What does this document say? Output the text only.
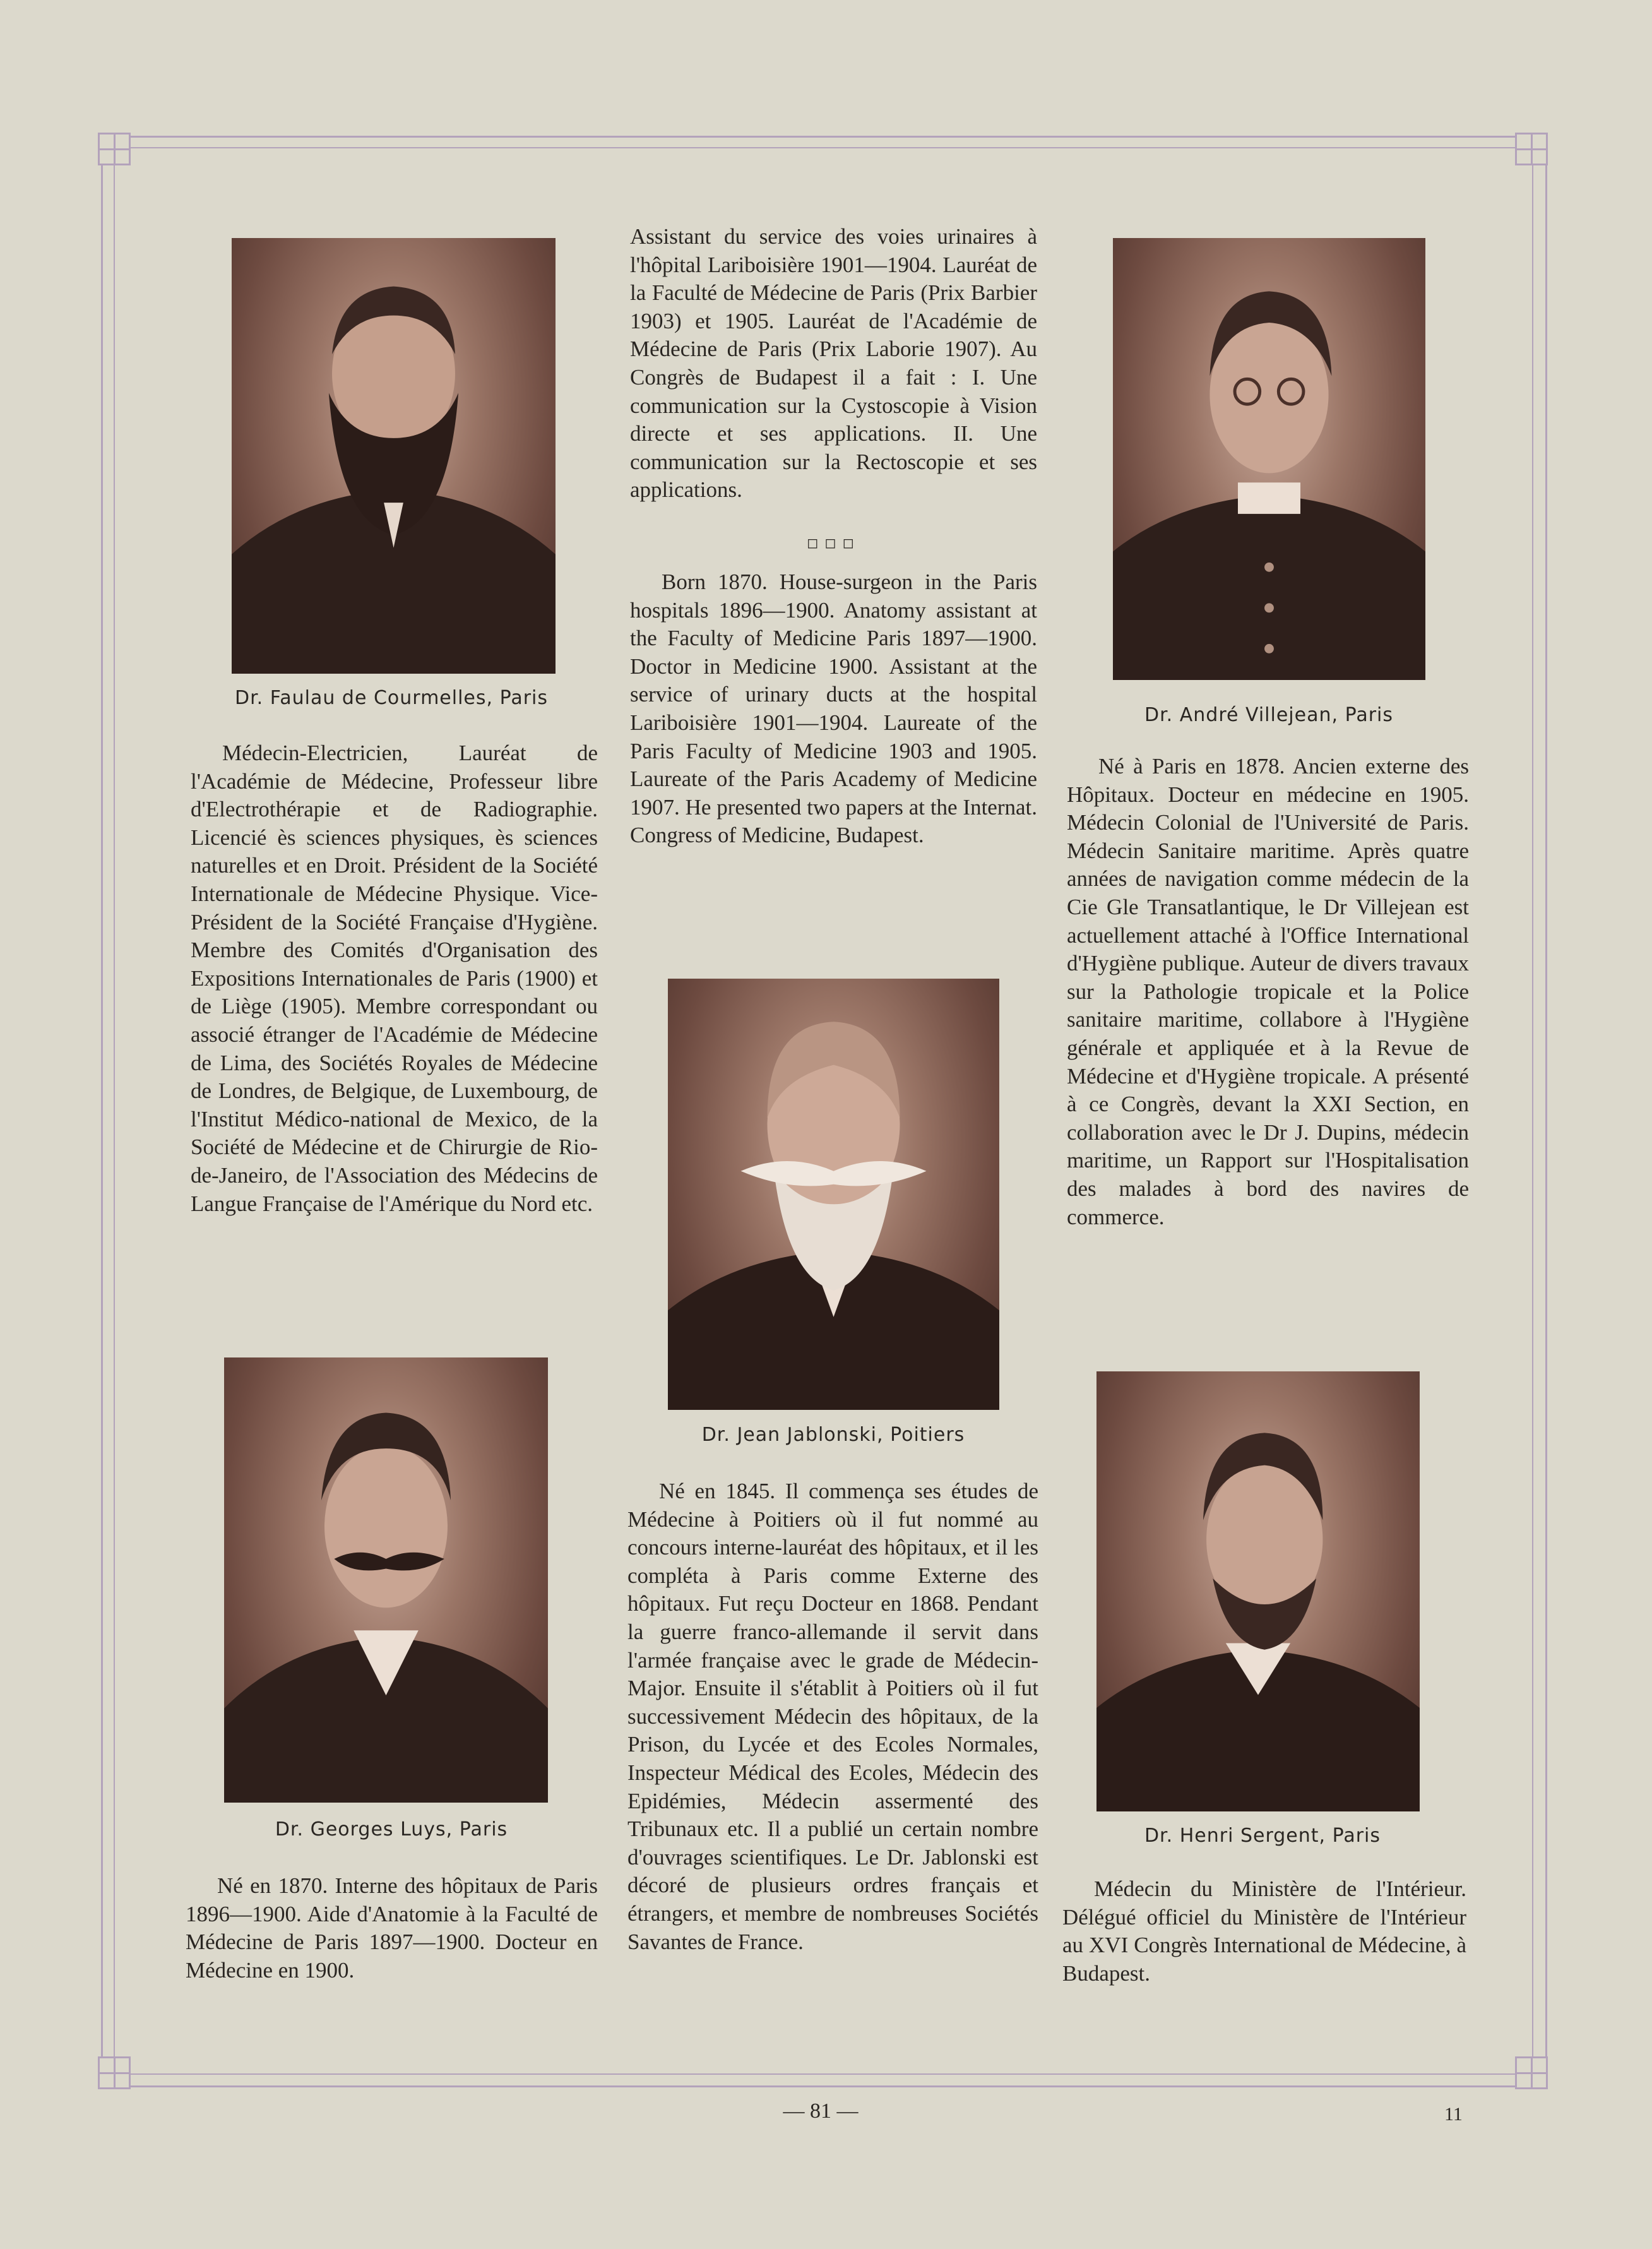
Dr. Faulau de Courmelles, Paris
Médecin-Electricien, Lauréat de l'Académie de Médecine, Professeur libre d'Electrothérapie et de Radiographie. Licencié ès sciences physiques, ès sciences naturelles et en Droit. Président de la Société Internationale de Médecine Physique. Vice-Président de la Société Française d'Hygiène. Membre des Comités d'Organisation des Expositions Internationales de Paris (1900) et de Liège (1905). Membre correspondant ou associé étranger de l'Académie de Médecine de Lima, des Sociétés Royales de Médecine de Londres, de Belgique, de Luxembourg, de l'Institut Médico-national de Mexico, de la Société de Médecine et de Chirurgie de Rio-de-Janeiro, de l'Association des Médecins de Langue Française de l'Amérique du Nord etc.
Dr. Georges Luys, Paris
Né en 1870. Interne des hôpitaux de Paris 1896—1900. Aide d'Anatomie à la Faculté de Médecine de Paris 1897—1900. Docteur en Médecine en 1900.
Assistant du service des voies urinaires à l'hôpital Lariboisière 1901—1904. Lauréat de la Faculté de Médecine de Paris (Prix Barbier 1903) et 1905. Lauréat de l'Académie de Médecine de Paris (Prix Laborie 1907). Au Congrès de Budapest il a fait : I. Une communication sur la Cystoscopie à Vision directe et ses applications. II. Une communication sur la Rectoscopie et ses applications.
◻◻◻
Born 1870. House-surgeon in the Paris hospitals 1896—1900. Anatomy assistant at the Faculty of Medicine Paris 1897—1900. Doctor in Medicine 1900. Assistant at the service of urinary ducts at the hospital Lariboisière 1901—1904. Laureate of the Paris Faculty of Medicine 1903 and 1905. Laureate of the Paris Academy of Medicine 1907. He presented two papers at the Internat. Congress of Medicine, Budapest.
Dr. Jean Jablonski, Poitiers
Né en 1845. Il commença ses études de Médecine à Poitiers où il fut nommé au concours interne-lauréat des hôpitaux, et il les compléta à Paris comme Externe des hôpitaux. Fut reçu Docteur en 1868. Pendant la guerre franco-allemande il servit dans l'armée française avec le grade de Médecin-Major. Ensuite il s'établit à Poitiers où il fut successivement Médecin des hôpitaux, de la Prison, du Lycée et des Ecoles Normales, Inspecteur Médical des Ecoles, Médecin des Epidémies, Médecin assermenté des Tribunaux etc. Il a publié un certain nombre d'ouvrages scientifiques. Le Dr. Jablonski est décoré de plusieurs ordres français et étrangers, et membre de nombreuses Sociétés Savantes de France.
Dr. André Villejean, Paris
Né à Paris en 1878. Ancien externe des Hôpitaux. Docteur en médecine en 1905. Médecin Colonial de l'Université de Paris. Médecin Sanitaire maritime. Après quatre années de navigation comme médecin de la Cie Gle Transatlantique, le Dr Villejean est actuellement attaché à l'Office International d'Hygiène publique. Auteur de divers travaux sur la Pathologie tropicale et la Police sanitaire maritime, collabore à l'Hygiène générale et appliquée et à la Revue de Médecine et d'Hygiène tropicale. A présenté à ce Congrès, devant la XXI Section, en collaboration avec le Dr J. Dupins, médecin maritime, un Rapport sur l'Hospitalisation des malades à bord des navires de commerce.
Dr. Henri Sergent, Paris
Médecin du Ministère de l'Intérieur. Délégué officiel du Ministère de l'Intérieur au XVI Congrès International de Médecine, à Budapest.
— 81 —	11
